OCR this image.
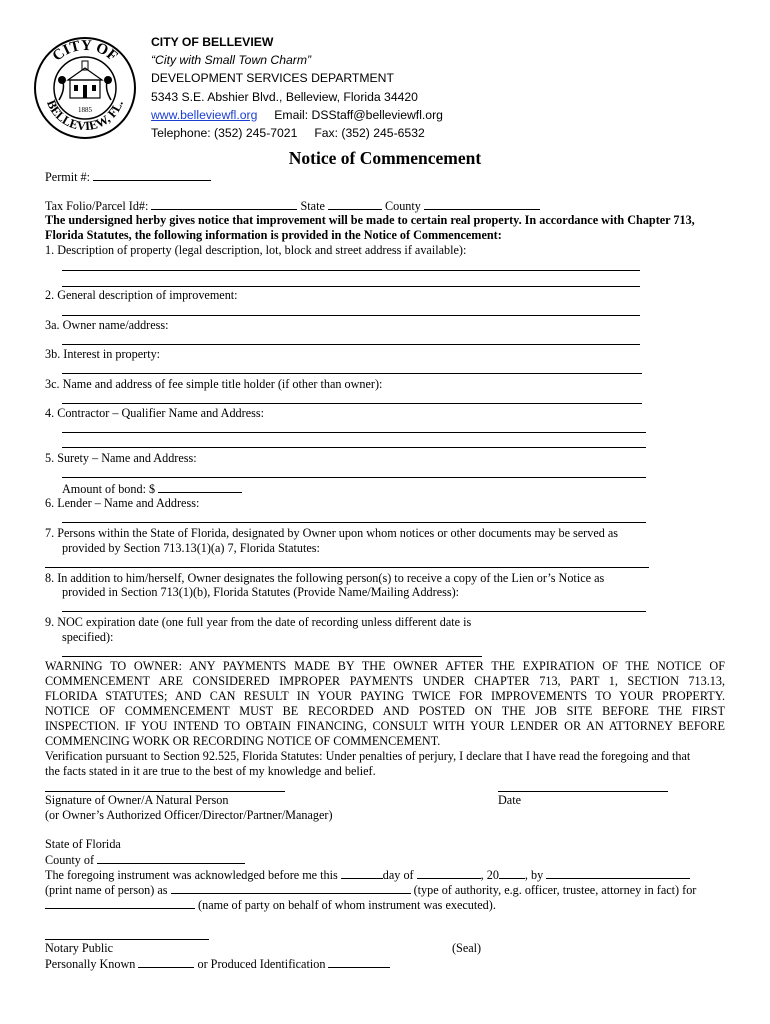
CITY OF
BELLEVIEW, FL.
1885
CITY OF BELLEVIEW
“City with Small Town Charm”
DEVELOPMENT SERVICES DEPARTMENT
5343 S.E. Abshier Blvd., Belleview, Florida 34420
www.belleviewfl.org Email: DSStaff@belleviewfl.org
Telephone: (352) 245-7021 Fax: (352) 245-6532
Notice of Commencement
Permit #:
Tax Folio/Parcel Id#:	State	County
The undersigned herby gives notice that improvement will be made to certain real property. In accordance with Chapter 713,
Florida Statutes, the following information is provided in the Notice of Commencement:
1. Description of property (legal description, lot, block and street address if available):
2. General description of improvement:
3a. Owner name/address:
3b. Interest in property:
3c. Name and address of fee simple title holder (if other than owner):
4. Contractor – Qualifier Name and Address:
5. Surety – Name and Address:
Amount of bond: $
6. Lender – Name and Address:
7. Persons within the State of Florida, designated by Owner upon whom notices or other documents may be served as
provided by Section 713.13(1)(a) 7, Florida Statutes:
8. In addition to him/herself, Owner designates the following person(s) to receive a copy of the Lien or’s Notice as
provided in Section 713(1)(b), Florida Statutes (Provide Name/Mailing Address):
9. NOC expiration date (one full year from the date of recording unless different date is
specified):
WARNING TO OWNER: ANY PAYMENTS MADE BY THE OWNER AFTER THE EXPIRATION OF THE NOTICE OF
COMMENCEMENT ARE CONSIDERED IMPROPER PAYMENTS UNDER CHAPTER 713, PART 1, SECTION 713.13,
FLORIDA STATUTES; AND CAN RESULT IN YOUR PAYING TWICE FOR IMPROVEMENTS TO YOUR PROPERTY.
NOTICE OF COMMENCEMENT MUST BE RECORDED AND POSTED ON THE JOB SITE BEFORE THE FIRST
INSPECTION. IF YOU INTEND TO OBTAIN FINANCING, CONSULT WITH YOUR LENDER OR AN ATTORNEY BEFORE
COMMENCING WORK OR RECORDING NOTICE OF COMMENCEMENT.
Verification pursuant to Section 92.525, Florida Statutes: Under penalties of perjury, I declare that I have read the foregoing and that
the facts stated in it are true to the best of my knowledge and belief.
Signature of Owner/A Natural Person	Date
(or Owner’s Authorized Officer/Director/Partner/Manager)
State of Florida
County of
The foregoing instrument was acknowledged before me this	day of	, 20 , by
(print name of person) as	(type of authority, e.g. officer, trustee, attorney in fact) for
(name of party on behalf of whom instrument was executed).
Notary Public	(Seal)
Personally Known	or Produced Identification
